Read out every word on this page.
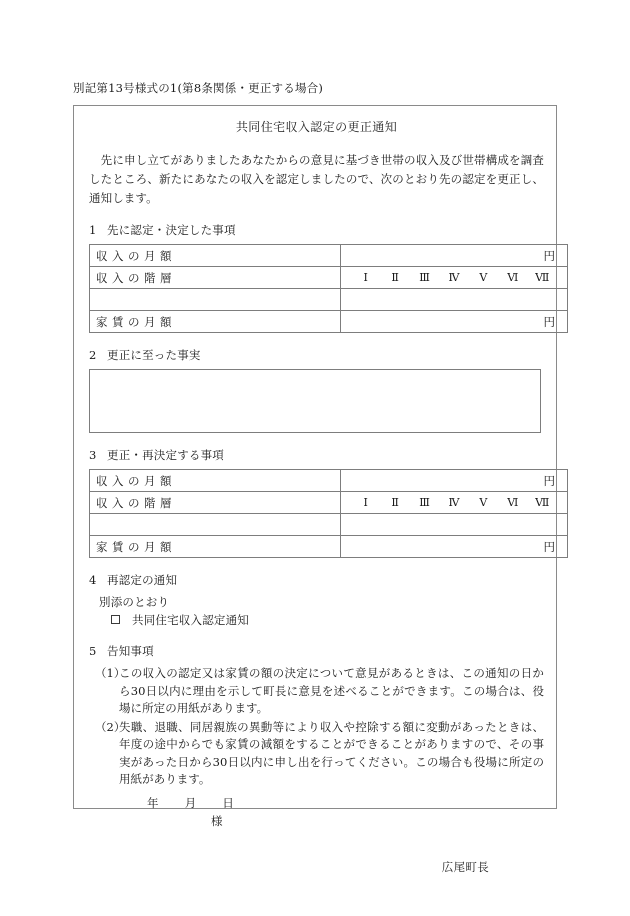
別記第13号様式の1(第8条関係・更正する場合)
共同住宅収入認定の更正通知
　先に申し立てがありましたあなたからの意見に基づき世帯の収入及び世帯構成を調査したところ、新たにあなたの収入を認定しましたので、次のとおり先の認定を更正し、通知します。
1 先に認定・決定した事項
収入の月額	円

収入の階層	Ⅰ	Ⅱ	Ⅲ	Ⅳ	Ⅴ	Ⅵ	Ⅶ

家賃の月額	円
2 更正に至った事実
3 更正・再決定する事項
収入の月額	円

収入の階層	Ⅰ	Ⅱ	Ⅲ	Ⅳ	Ⅴ	Ⅵ	Ⅶ

家賃の月額	円
4 再認定の通知
別添のとおり
共同住宅収入認定通知
5 告知事項
（1）
この収入の認定又は家賃の額の決定について意見があるときは、この通知の日から30日以内に理由を示して町長に意見を述べることができます。この場合は、役場に所定の用紙があります。
（2）
失職、退職、同居親族の異動等により収入や控除する額に変動があったときは、年度の途中からでも家賃の減額をすることができることがありますので、その事実があった日から30日以内に申し出を行ってください。この場合も役場に所定の用紙があります。
年 月 日
様
広尾町長
